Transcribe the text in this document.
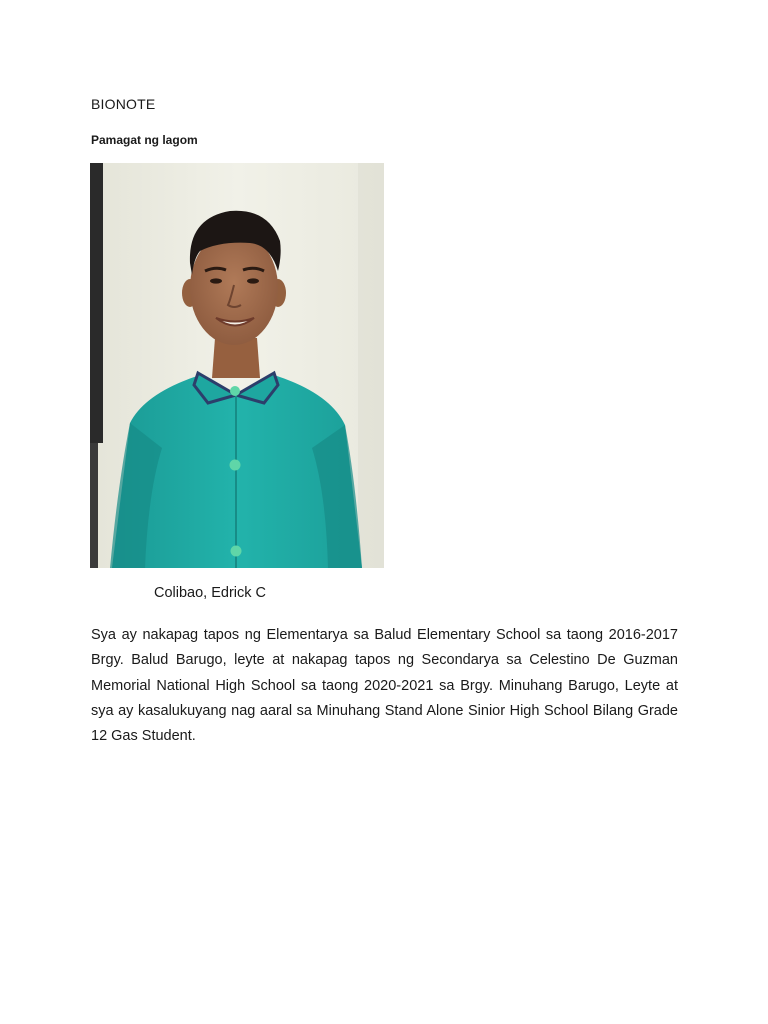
BIONOTE
Pamagat ng lagom

Colibao, Edrick C

Sya ay nakapag tapos ng Elementarya sa Balud Elementary School sa taong 2016-2017 Brgy. Balud Barugo, leyte at nakapag tapos ng Secondarya sa Celestino De Guzman Memorial National High School sa taong 2020-2021 sa Brgy. Minuhang Barugo, Leyte at sya ay kasalukuyang nag aaral sa Minuhang Stand Alone Sinior High School Bilang Grade 12 Gas Student.
